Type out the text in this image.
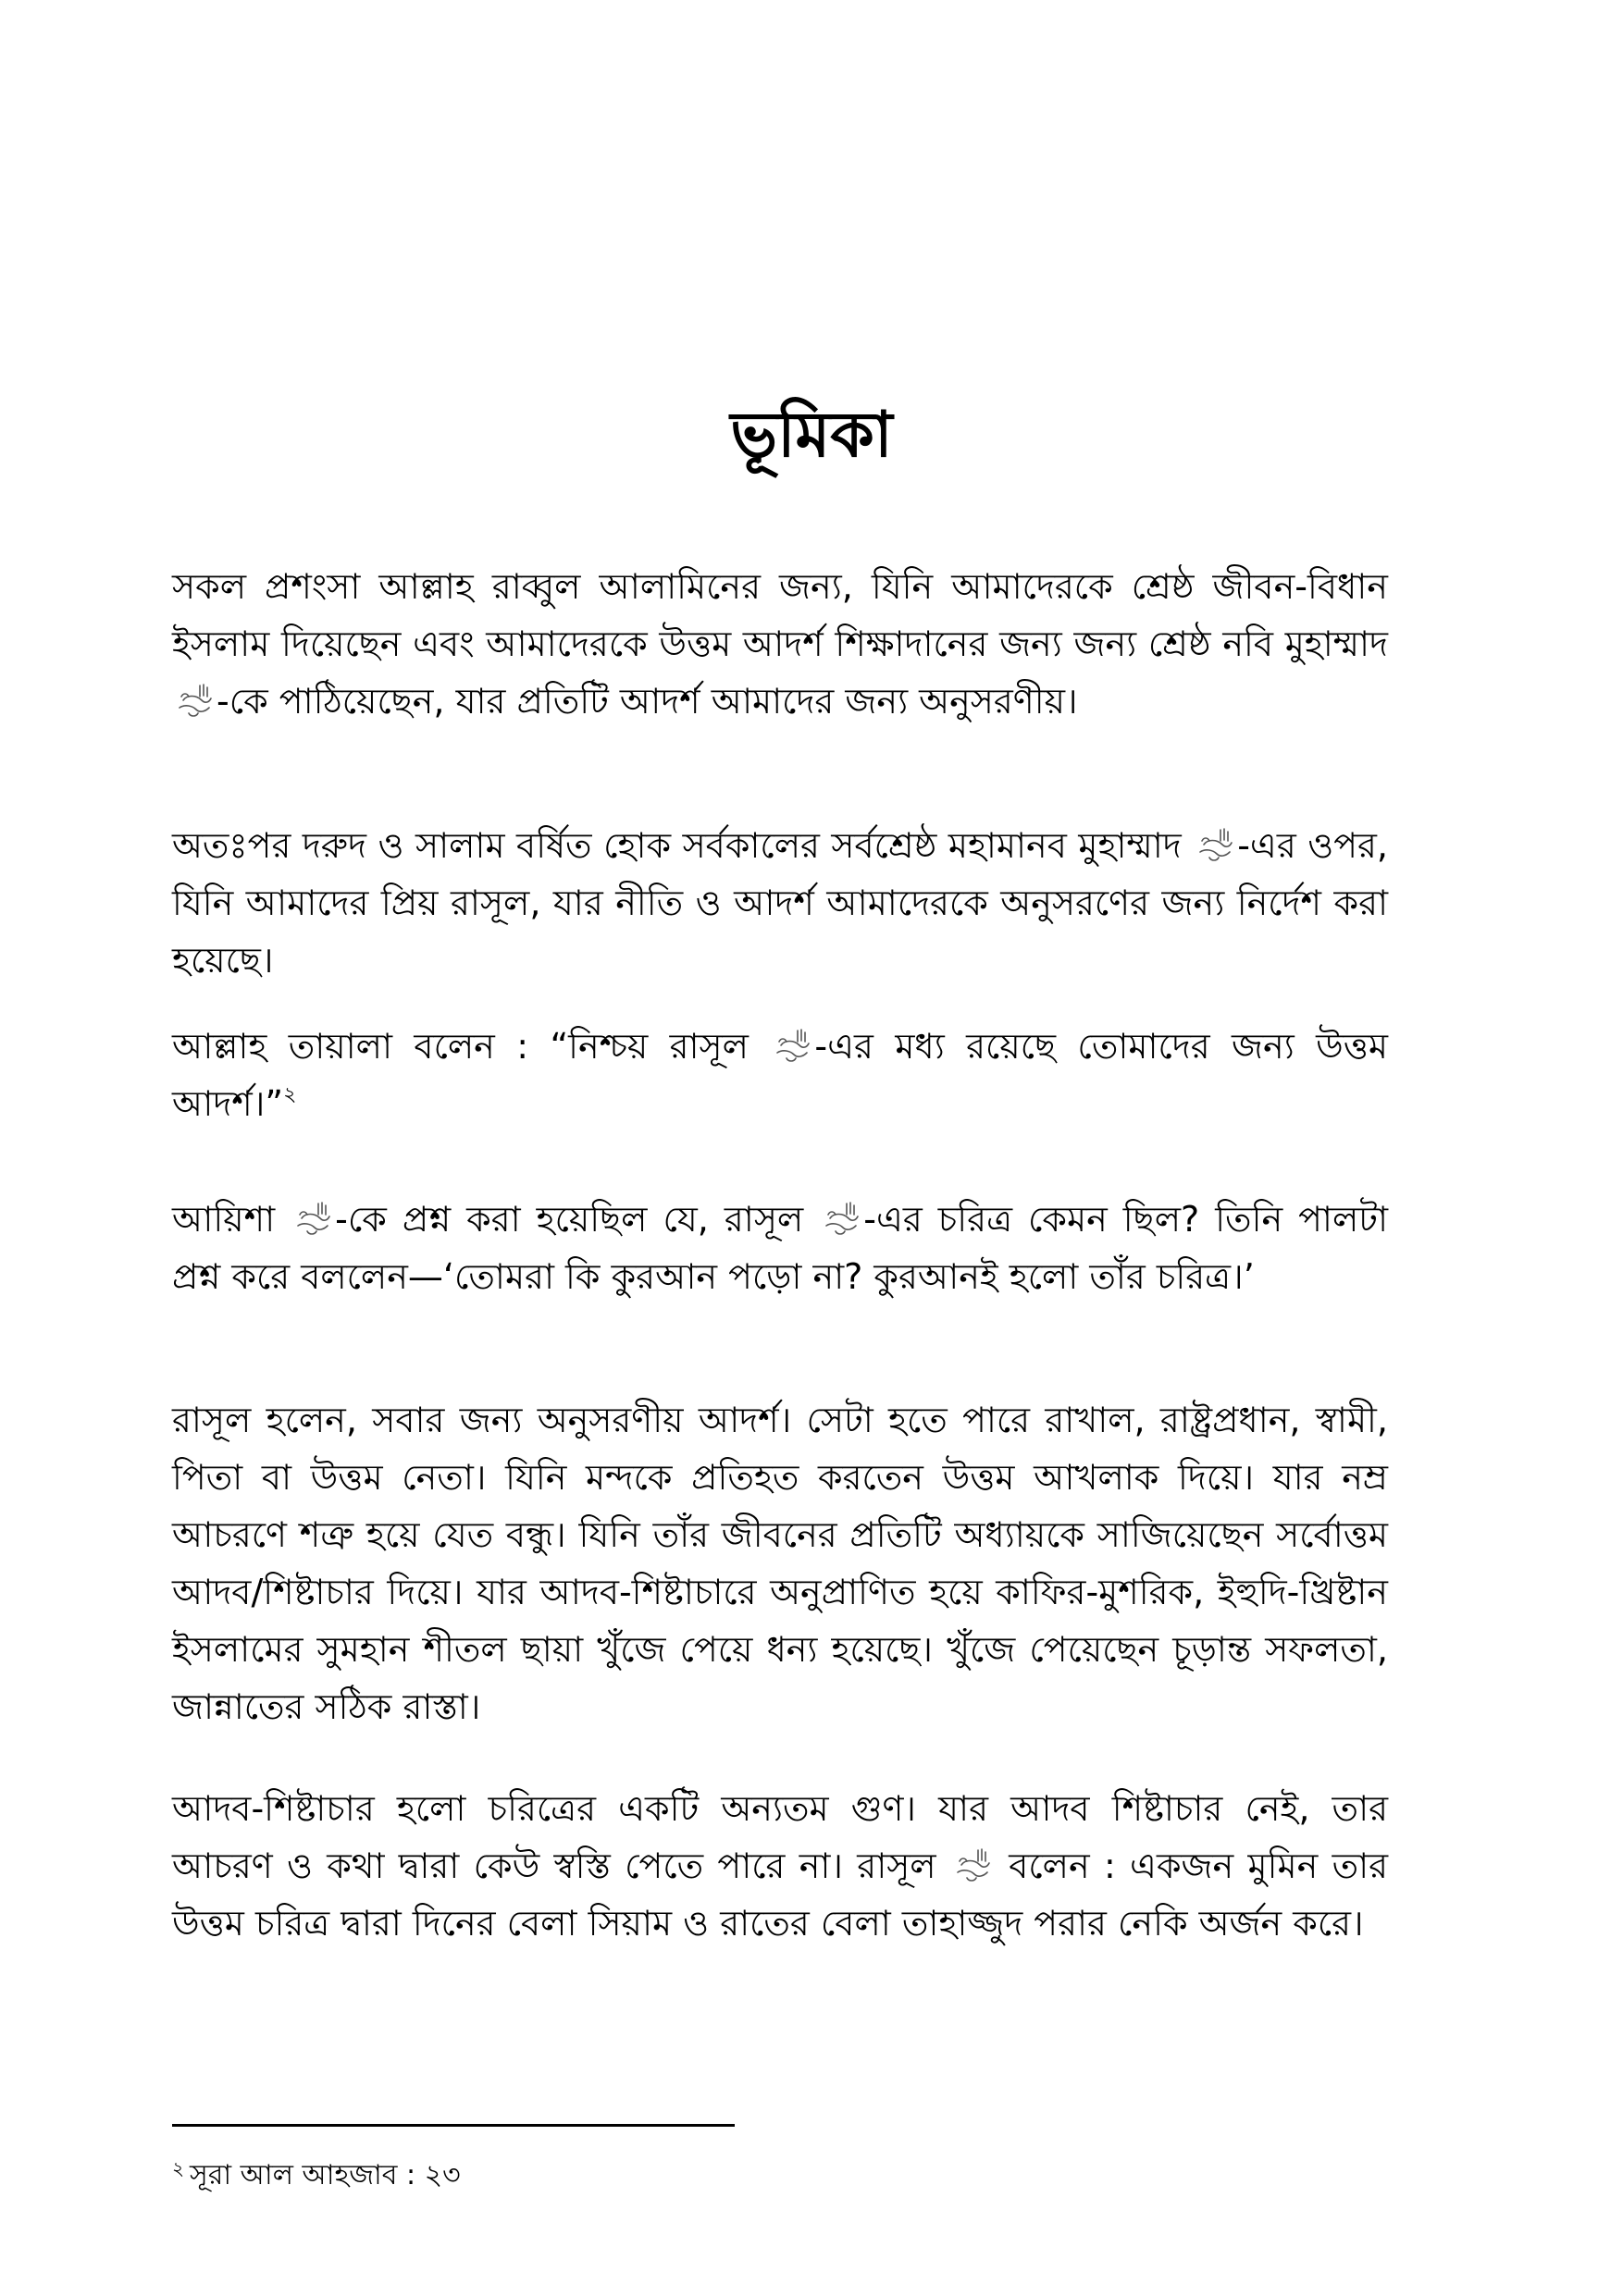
ভূমিকা

সকল প্রশংসা আল্লাহ রাব্বুল আলামিনের জন্য, যিনি আমাদেরকে শ্রেষ্ঠ জীবন-বিধান ইসলাম দিয়েছেন এবং আমাদেরকে উত্তম আদর্শ শিক্ষাদানের জন্য জন্য শ্রেষ্ঠ নবি মুহাম্মাদ
-কে পাঠিয়েছেন, যার প্রতিটি আদর্শ আমাদের জন্য অনুসরণীয়।

অতঃপর দরুদ ও সালাম বর্ষিত হোক সর্বকালের সর্বশ্রেষ্ঠ মহামানব মুহাম্মাদ
-এর ওপর, যিনি আমাদের প্রিয় রাসূল, যার নীতি ও আদর্শ আমাদেরকে অনুসরণের জন্য নির্দেশ করা হয়েছে।

আল্লাহ তায়ালা বলেন : “নিশ্চয় রাসূল
-এর মধ্য রয়েছে তোমাদের জন্য উত্তম আদর্শ।”$^২$

আয়িশা
-কে প্রশ্ন করা হয়েছিল যে, রাসূল
-এর চরিত্র কেমন ছিল? তিনি পালটা প্রশ্ন করে বললেন—‘তোমরা কি কুরআন পড়ো না? কুরআনই হলো তাঁর চরিত্র।’

রাসূল হলেন, সবার জন্য অনুসরণীয় আদর্শ। সেটা হতে পারে রাখাল, রাষ্ট্রপ্রধান, স্বামী, পিতা বা উত্তম নেতা। যিনি মন্দকে প্রতিহত করতেন উত্তম আখলাক দিয়ে। যার নম্র আচরণে শত্রু হয়ে যেত বন্ধু। যিনি তাঁর জীবনের প্রতিটি অধ্যায়কে সাজিয়েছেন সর্বোত্তম আদব/শিষ্টাচার দিয়ে। যার আদব-শিষ্টাচারে অনুপ্রাণিত হয়ে কাফির-মুশরিক, ইহুদি-খ্রিষ্টান ইসলামের সুমহান শীতল ছায়া খুঁজে পেয়ে ধন্য হয়েছে। খুঁজে পেয়েছেন চূড়ান্ত সফলতা, জান্নাতের সঠিক রাস্তা।

আদব-শিষ্টাচার হলো চরিত্রের একটি অন্যতম গুণ। যার আদব শিষ্টাচার নেই, তার আচরণ ও কথা দ্বারা কেউ স্বস্তি পেতে পারে না। রাসূল
বলেন : একজন মুমিন তার উত্তম চরিত্র দ্বারা দিনের বেলা সিয়াম ও রাতের বেলা তাহাজ্জুদ পরার নেকি অর্জন করে।

$^২$ সূরা আল আহজাব : ২৩
